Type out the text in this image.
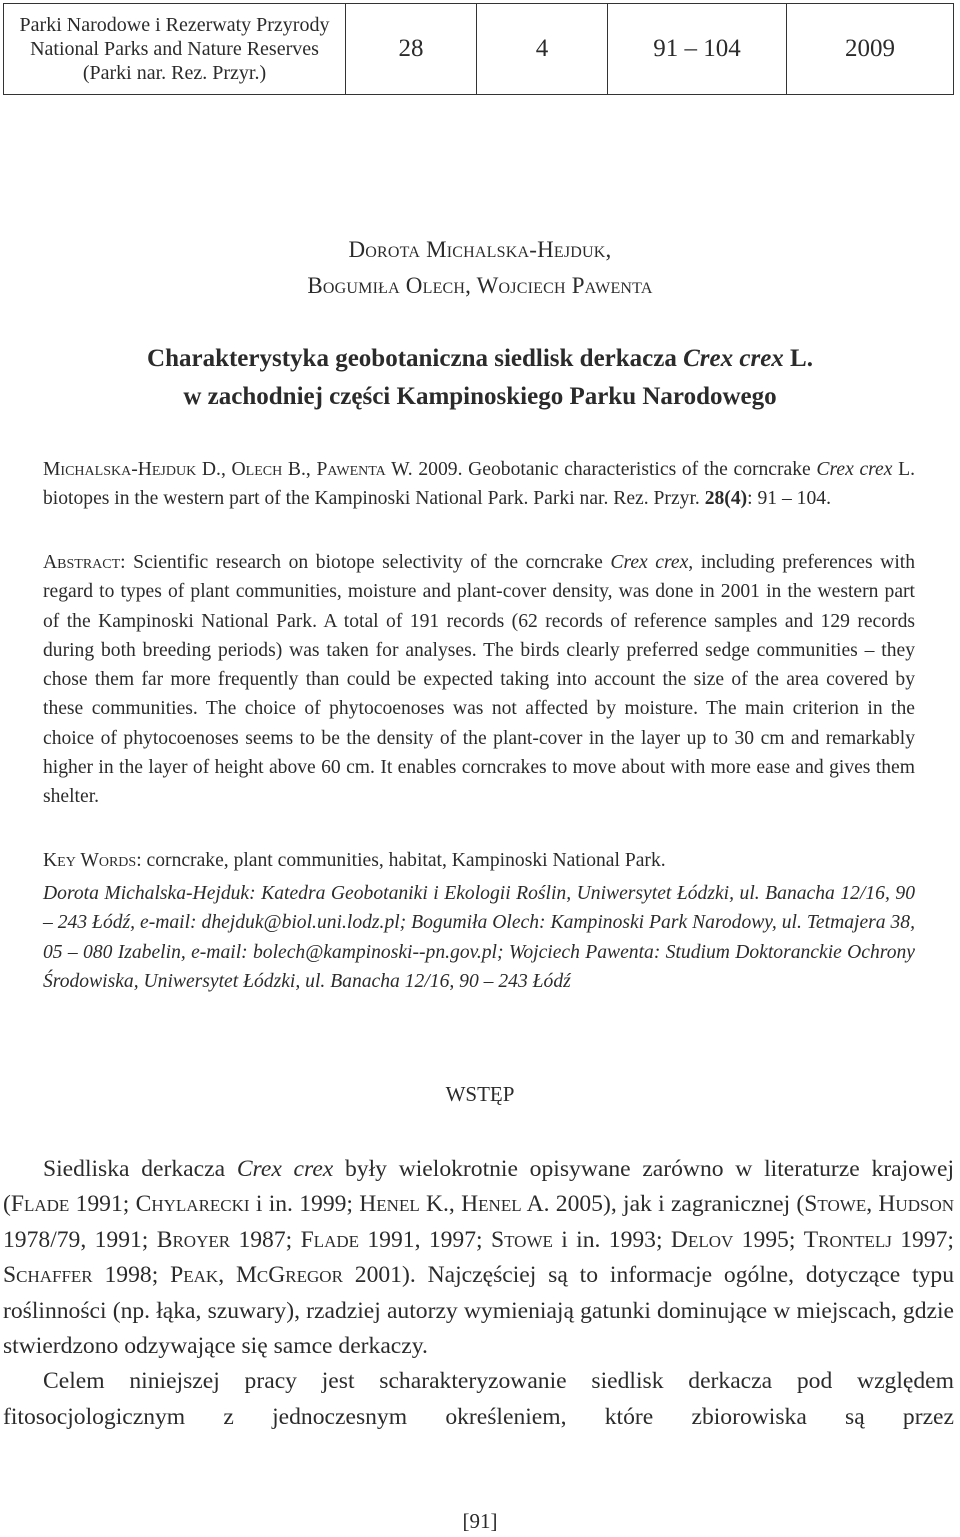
Parki Narodowe i Rezerwaty Przyrody
National Parks and Nature Reserves
(Parki nar. Rez. Przyr.)
	28	4	91 – 104	2009
Dorota Michalska-Hejduk,
Bogumiła Olech, Wojciech Pawenta
Charakterystyka geobotaniczna siedlisk derkacza Crex crex L.
w zachodniej części Kampinoskiego Parku Narodowego

Michalska-Hejduk D., Olech B., Pawenta W. 2009. Geobotanic characteristics of the corncrake Crex crex L. biotopes in the western part of the Kampinoski National Park. Parki nar. Rez. Przyr. 28(4): 91 – 104.

Abstract: Scientific research on biotope selectivity of the corncrake Crex crex, including preferences with regard to types of plant communities, moisture and plant-cover density, was done in 2001 in the western part of the Kampinoski National Park. A total of 191 records (62 records of reference samples and 129 records during both breeding periods) was taken for analyses. The birds clearly preferred sedge communities – they chose them far more frequently than could be expected taking into account the size of the area covered by these communities. The choice of phytocoenoses was not affected by moisture. The main criterion in the choice of phytocoenoses seems to be the density of the plant-cover in the layer up to 30 cm and remarkably higher in the layer of height above 60 cm. It enables corncrakes to move about with more ease and gives them shelter.

Key Words: corncrake, plant communities, habitat, Kampinoski National Park.

Dorota Michalska-Hejduk: Katedra Geobotaniki i Ekologii Roślin, Uniwersytet Łódzki, ul. Banacha 12/16, 90 – 243 Łódź, e-mail: dhejduk@biol.uni.lodz.pl; Bogumiła Olech: Kampinoski Park Narodowy, ul. Tetmajera 38, 05 – 080 Izabelin, e-mail: bolech@kampinoski--pn.gov.pl; Wojciech Pawenta: Studium Doktoranckie Ochrony Środowiska, Uniwersytet Łódzki, ul. Banacha 12/16, 90 – 243 Łódź

WSTĘP

Siedliska derkacza Crex crex były wielokrotnie opisywane zarówno w literaturze krajowej (Flade 1991; Chylarecki i in. 1999; Henel K., Henel A. 2005), jak i zagranicznej (Stowe, Hudson 1978/79, 1991; Broyer 1987; Flade 1991, 1997; Stowe i in. 1993; Delov 1995; Trontelj 1997; Schaffer 1998; Peak, McGregor 2001). Najczęściej są to informacje ogólne, dotyczące typu roślinności (np. łąka, szuwary), rzadziej autorzy wymieniają gatunki dominujące w miejscach, gdzie stwierdzono odzywające się samce derkaczy.

Celem niniejszej pracy jest scharakteryzowanie siedlisk derkacza pod względem fitosocjologicznym z jednoczesnym określeniem, które zbiorowiska są przez

[91]
